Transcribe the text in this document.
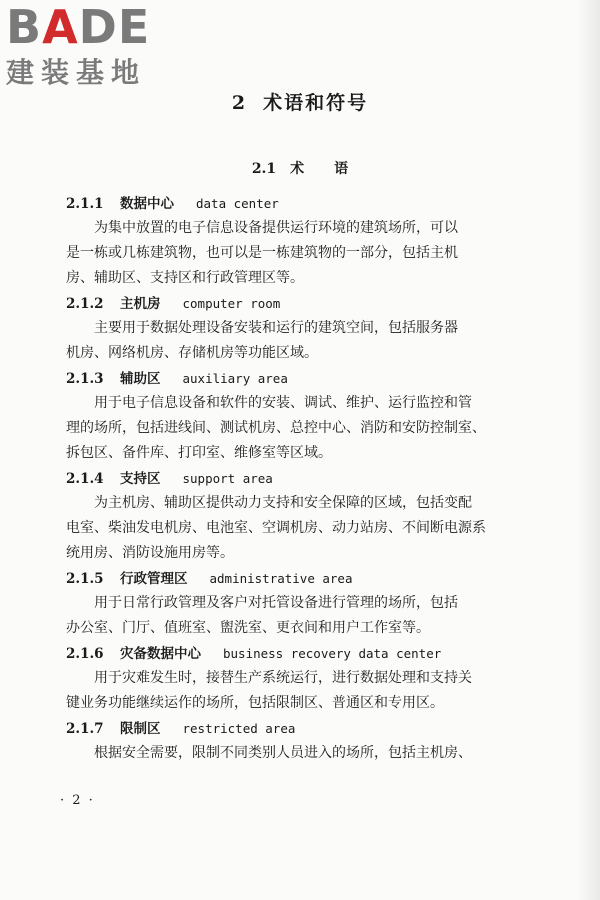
BADE
建装基地
2 术语和符号
2.1 术 语
2.1.1 数据中心 data center
为集中放置的电子信息设备提供运行环境的建筑场所，可以
是一栋或几栋建筑物，也可以是一栋建筑物的一部分，包括主机
房、辅助区、支持区和行政管理区等。
2.1.2 主机房 computer room
主要用于数据处理设备安装和运行的建筑空间，包括服务器
机房、网络机房、存储机房等功能区域。
2.1.3 辅助区 auxiliary area
用于电子信息设备和软件的安装、调试、维护、运行监控和管
理的场所，包括进线间、测试机房、总控中心、消防和安防控制室、
拆包区、备件库、打印室、维修室等区域。
2.1.4 支持区 support area
为主机房、辅助区提供动力支持和安全保障的区域，包括变配
电室、柴油发电机房、电池室、空调机房、动力站房、不间断电源系
统用房、消防设施用房等。
2.1.5 行政管理区 administrative area
用于日常行政管理及客户对托管设备进行管理的场所，包括
办公室、门厅、值班室、盥洗室、更衣间和用户工作室等。
2.1.6 灾备数据中心 business recovery data center
用于灾难发生时，接替生产系统运行，进行数据处理和支持关
键业务功能继续运作的场所，包括限制区、普通区和专用区。
2.1.7 限制区 restricted area
根据安全需要，限制不同类别人员进入的场所，包括主机房、
· 2 ·
